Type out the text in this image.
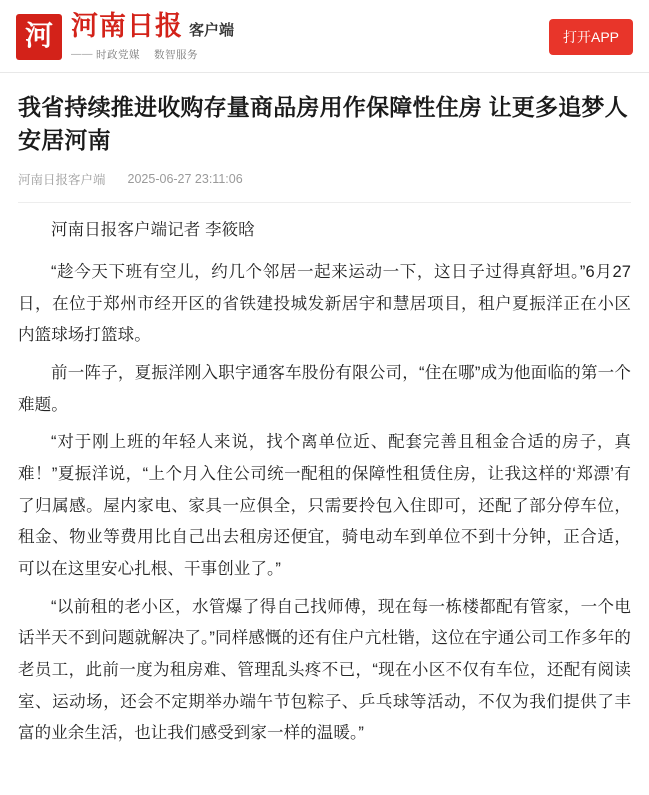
河 河南日报 客户端
—— 时政党媒 数智服务
打开APP
我省持续推进收购存量商品房用作保障性住房 让更多追梦人安居河南
河南日报客户端 2025-06-27 23:11:06

河南日报客户端记者 李筱晗

“趁今天下班有空儿，约几个邻居一起来运动一下，这日子过得真舒坦。”6月27日，在位于郑州市经开区的省铁建投城发新居宇和慧居项目，租户夏振洋正在小区内篮球场打篮球。

前一阵子，夏振洋刚入职宇通客车股份有限公司，“住在哪”成为他面临的第一个难题。

“对于刚上班的年轻人来说，找个离单位近、配套完善且租金合适的房子，真难！”夏振洋说，“上个月入住公司统一配租的保障性租赁住房，让我这样的‘郑漂’有了归属感。屋内家电、家具一应俱全，只需要拎包入住即可，还配了部分停车位，租金、物业等费用比自己出去租房还便宜，骑电动车到单位不到十分钟，正合适，可以在这里安心扎根、干事创业了。”

“以前租的老小区，水管爆了得自己找师傅，现在每一栋楼都配有管家，一个电话半天不到问题就解决了。”同样感慨的还有住户亢杜锴，这位在宇通公司工作多年的老员工，此前一度为租房难、管理乱头疼不已，“现在小区不仅有车位，还配有阅读室、运动场，还会不定期举办端午节包粽子、乒乓球等活动，不仅为我们提供了丰富的业余生活，也让我们感受到家一样的温暖。”
